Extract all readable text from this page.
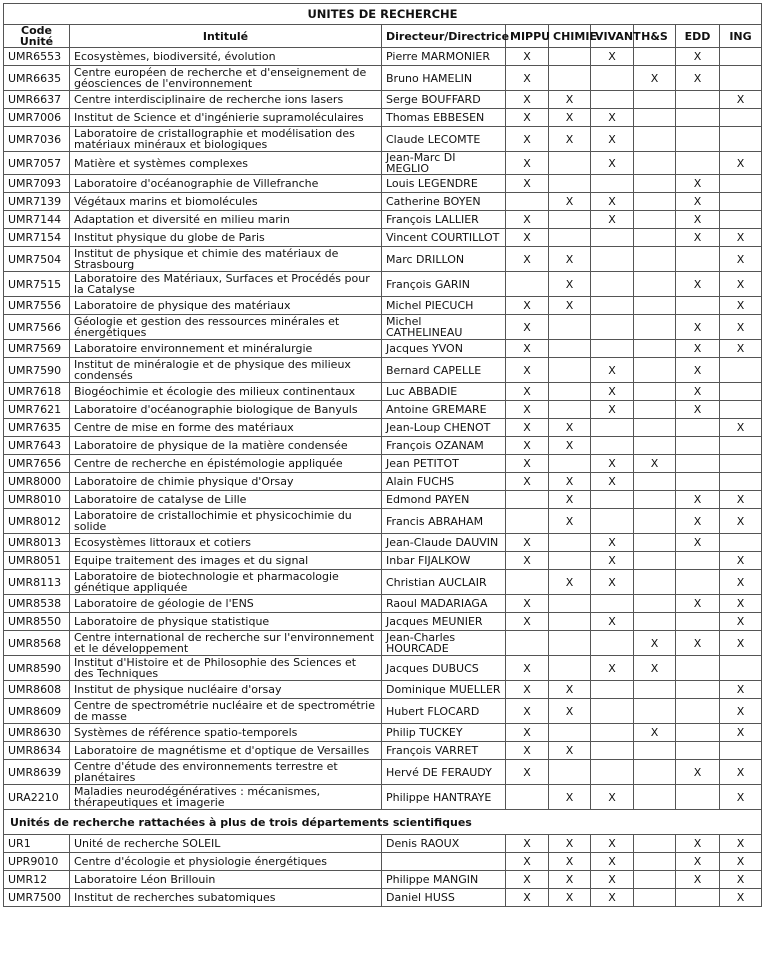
UNITES DE RECHERCHE								
Code Unité	Intitulé	Directeur/Directrice	MIPPU	CHIMIE	VIVANT	H&S	EDD	ING
UMR6553	Ecosystèmes, biodiversité, évolution	Pierre MARMONIER	X		X		X	
UMR6635	Centre européen de recherche et d'enseignement de géosciences de l'environnement	Bruno HAMELIN	X			X	X	
UMR6637	Centre interdisciplinaire de recherche ions lasers	Serge BOUFFARD	X	X				X
UMR7006	Institut de Science et d'ingénierie supramoléculaires	Thomas EBBESEN	X	X	X			
UMR7036	Laboratoire de cristallographie et modélisation des matériaux minéraux et biologiques	Claude LECOMTE	X	X	X			
UMR7057	Matière et systèmes complexes	Jean-Marc DI MEGLIO	X		X			X
UMR7093	Laboratoire d'océanographie de Villefranche	Louis LEGENDRE	X				X	
UMR7139	Végétaux marins et biomolécules	Catherine BOYEN		X	X		X	
UMR7144	Adaptation et diversité en milieu marin	François LALLIER	X		X		X	
UMR7154	Institut physique du globe de Paris	Vincent COURTILLOT	X				X	X
UMR7504	Institut de physique et chimie des matériaux de Strasbourg	Marc DRILLON	X	X				X
UMR7515	Laboratoire des Matériaux, Surfaces et Procédés pour la Catalyse	François GARIN		X			X	X
UMR7556	Laboratoire de physique des matériaux	Michel PIECUCH	X	X				X
UMR7566	Géologie et gestion des ressources minérales et énergétiques	Michel CATHELINEAU	X				X	X
UMR7569	Laboratoire environnement et minéralurgie	Jacques YVON	X				X	X
UMR7590	Institut de minéralogie et de physique des milieux condensés	Bernard CAPELLE	X		X		X	
UMR7618	Biogéochimie et écologie des milieux continentaux	Luc ABBADIE	X		X		X	
UMR7621	Laboratoire d'océanographie biologique de Banyuls	Antoine GREMARE	X		X		X	
UMR7635	Centre de mise en forme des matériaux	Jean-Loup CHENOT	X	X				X
UMR7643	Laboratoire de physique de la matière condensée	François OZANAM	X	X				
UMR7656	Centre de recherche en épistémologie appliquée	Jean PETITOT	X		X	X		
UMR8000	Laboratoire de chimie physique d'Orsay	Alain FUCHS	X	X	X			
UMR8010	Laboratoire de catalyse de Lille	Edmond PAYEN		X			X	X
UMR8012	Laboratoire de cristallochimie et physicochimie du solide	Francis ABRAHAM		X			X	X
UMR8013	Ecosystèmes littoraux et cotiers	Jean-Claude DAUVIN	X		X		X	
UMR8051	Equipe traitement des images et du signal	Inbar FIJALKOW	X		X			X
UMR8113	Laboratoire de biotechnologie et pharmacologie génétique appliquée	Christian AUCLAIR		X	X			X
UMR8538	Laboratoire de géologie de l'ENS	Raoul MADARIAGA	X				X	X
UMR8550	Laboratoire de physique statistique	Jacques MEUNIER	X		X			X
UMR8568	Centre international de recherche sur l'environnement et le développement	Jean-Charles HOURCADE				X	X	X
UMR8590	Institut d'Histoire et de Philosophie des Sciences et des Techniques	Jacques DUBUCS	X		X	X		
UMR8608	Institut de physique nucléaire d'orsay	Dominique MUELLER	X	X				X
UMR8609	Centre de spectrométrie nucléaire et de spectrométrie de masse	Hubert FLOCARD	X	X				X
UMR8630	Systèmes de référence spatio-temporels	Philip TUCKEY	X			X		X
UMR8634	Laboratoire de magnétisme et d'optique de Versailles	François VARRET	X	X				
UMR8639	Centre d'étude des environnements terrestre et planétaires	Hervé DE FERAUDY	X				X	X
URA2210	Maladies neurodégénératives : mécanismes, thérapeutiques et imagerie	Philippe HANTRAYE		X	X			X
Unités de recherche rattachées à plus de trois départements scientifiques								
UR1	Unité de recherche SOLEIL	Denis RAOUX	X	X	X		X	X
UPR9010	Centre d'écologie et physiologie énergétiques		X	X	X		X	X
UMR12	Laboratoire Léon Brillouin	Philippe MANGIN	X	X	X		X	X
UMR7500	Institut de recherches subatomiques	Daniel HUSS	X	X	X			X
